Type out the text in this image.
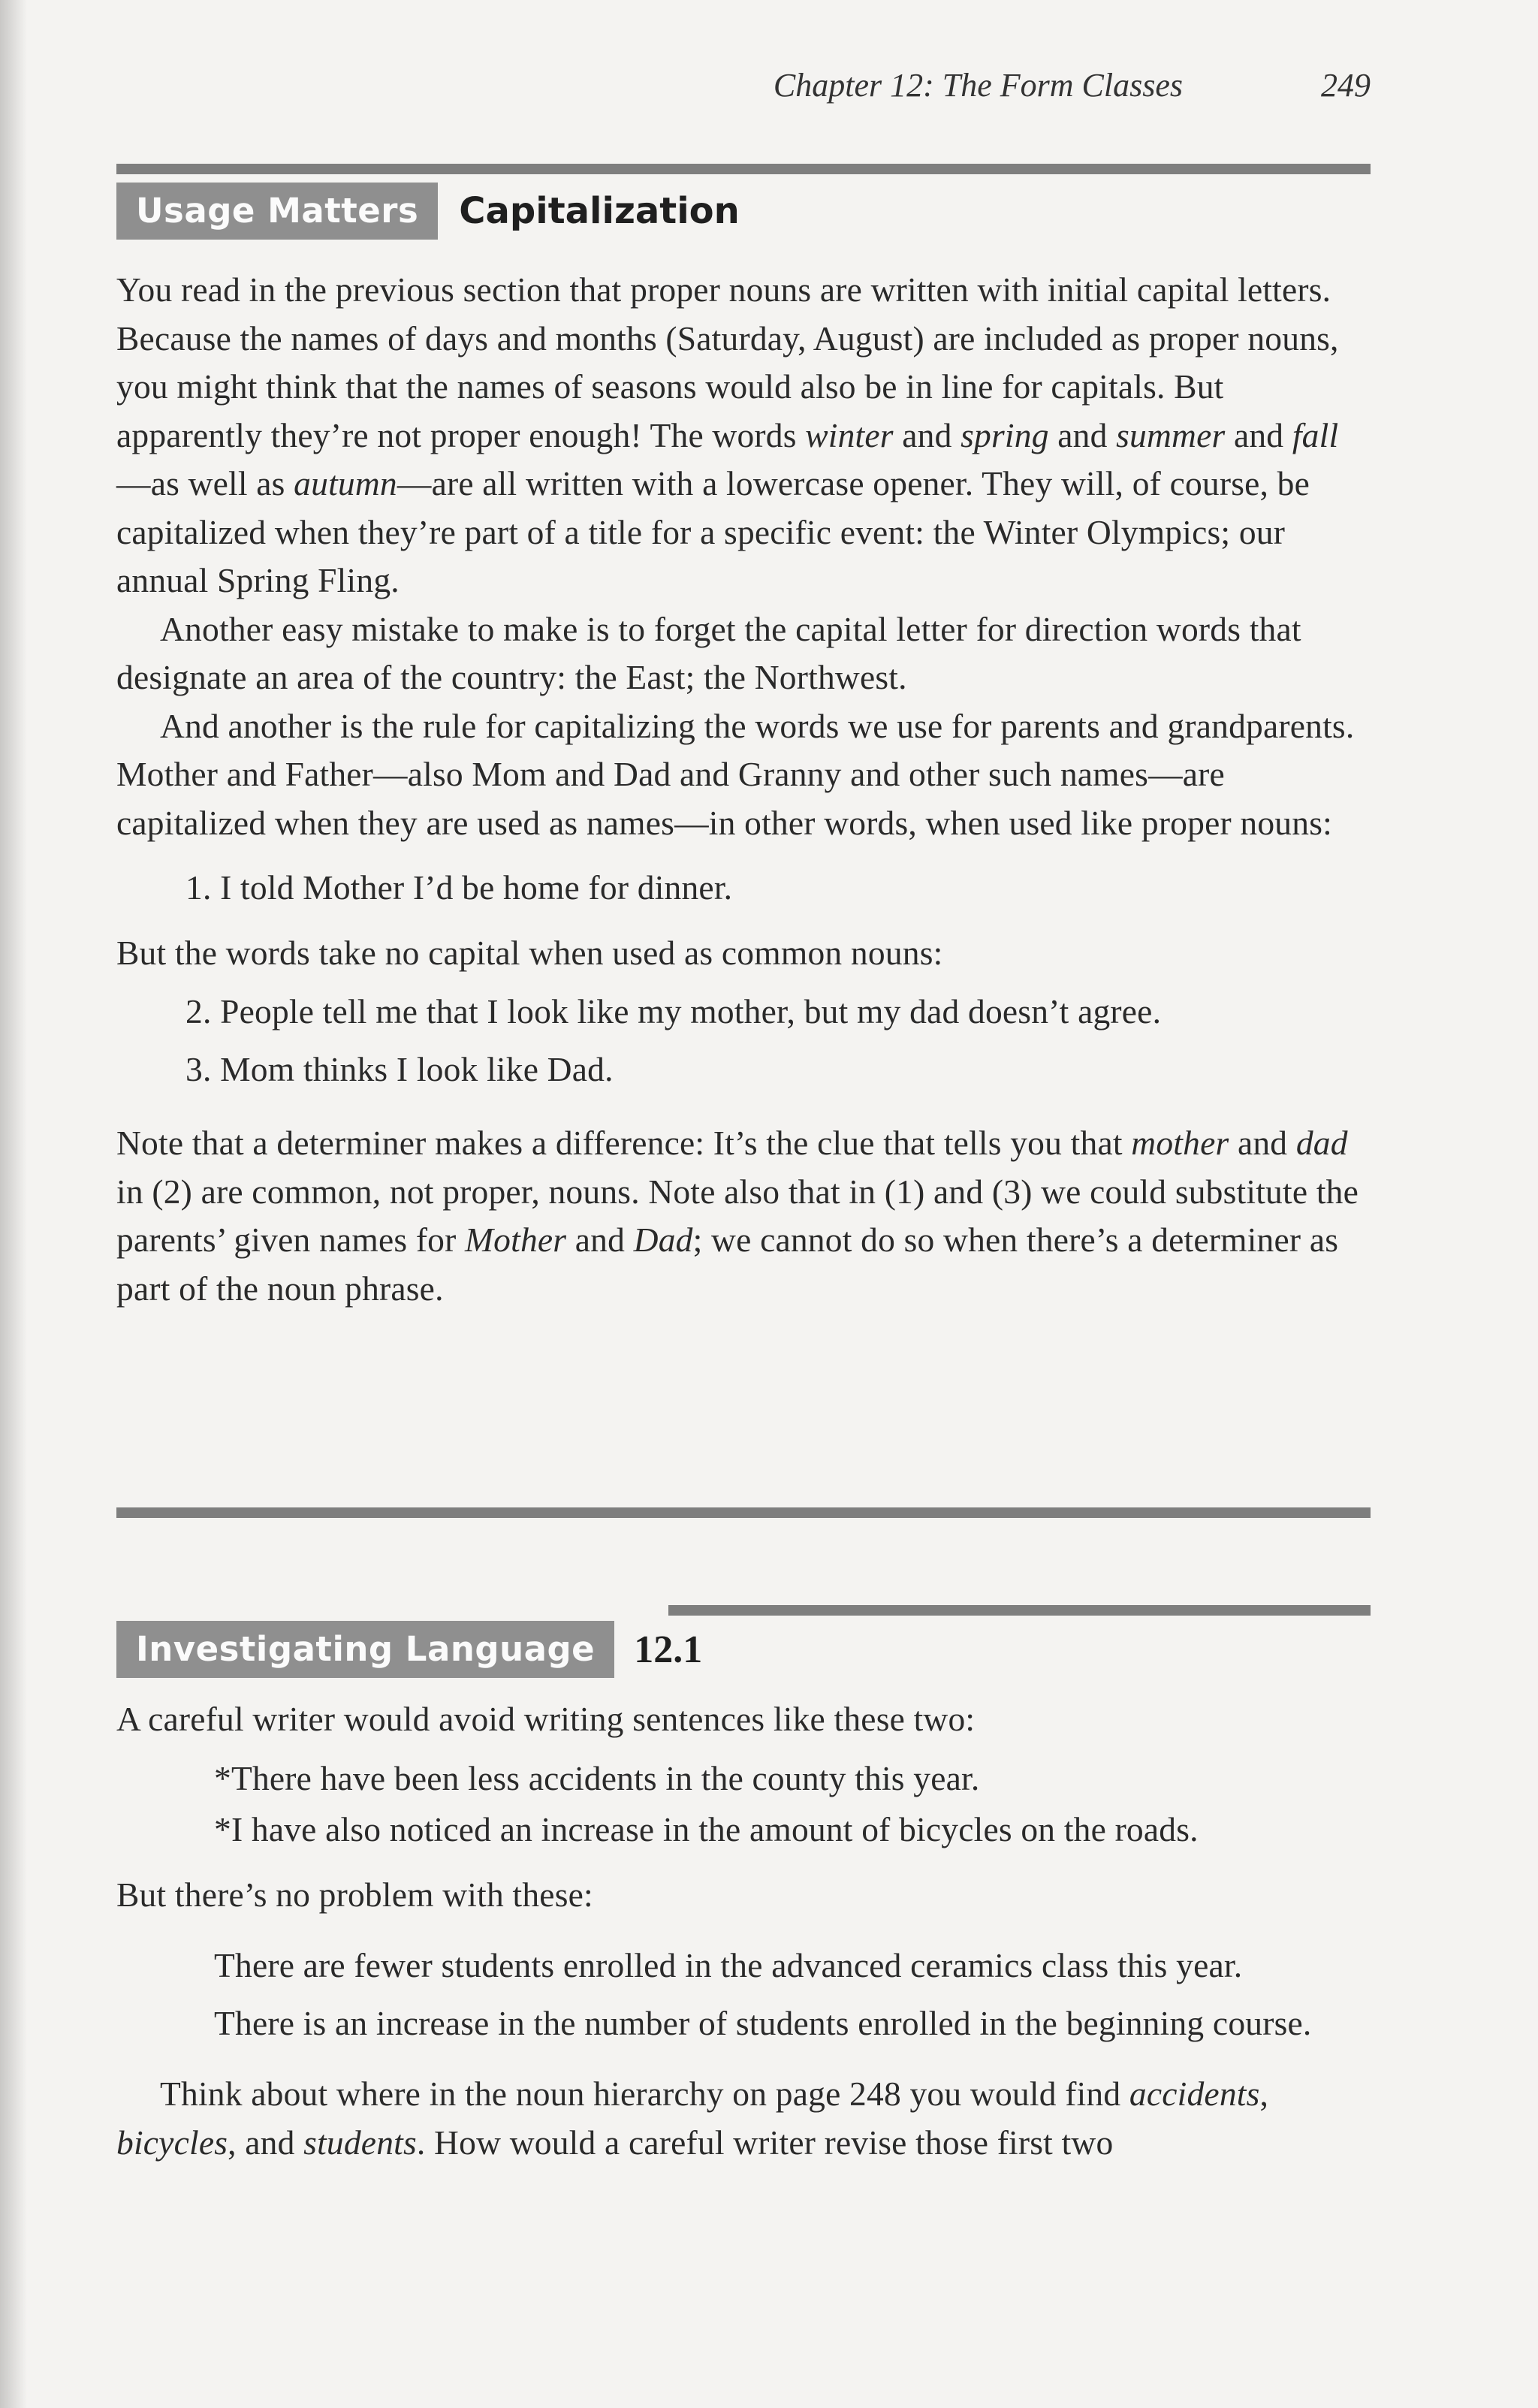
Chapter 12: The Form Classes	249
Usage Matters	Capitalization

You read in the previous section that proper nouns are written with initial capital letters. Because the names of days and months (Saturday, August) are included as proper nouns, you might think that the names of seasons would also be in line for capitals. But apparently they’re not proper enough! The words winter and spring and summer and fall—as well as autumn—are all written with a lowercase opener. They will, of course, be capitalized when they’re part of a title for a specific event: the Winter Olympics; our annual Spring Fling.

Another easy mistake to make is to forget the capital letter for direction words that designate an area of the country: the East; the Northwest.

And another is the rule for capitalizing the words we use for parents and grandparents. Mother and Father—also Mom and Dad and Granny and other such names—are capitalized when they are used as names—in other words, when used like proper nouns:

1. I told Mother I’d be home for dinner.

But the words take no capital when used as common nouns:

2. People tell me that I look like my mother, but my dad doesn’t agree.

3. Mom thinks I look like Dad.

Note that a determiner makes a difference: It’s the clue that tells you that mother and dad in (2) are common, not proper, nouns. Note also that in (1) and (3) we could substitute the parents’ given names for Mother and Dad; we cannot do so when there’s a determiner as part of the noun phrase.

Investigating Language	12.1

A careful writer would avoid writing sentences like these two:

*There have been less accidents in the county this year.

*I have also noticed an increase in the amount of bicycles on the roads.

But there’s no problem with these:

There are fewer students enrolled in the advanced ceramics class this year.

There is an increase in the number of students enrolled in the beginning course.

Think about where in the noun hierarchy on page 248 you would find accidents, bicycles, and students. How would a careful writer revise those first two
